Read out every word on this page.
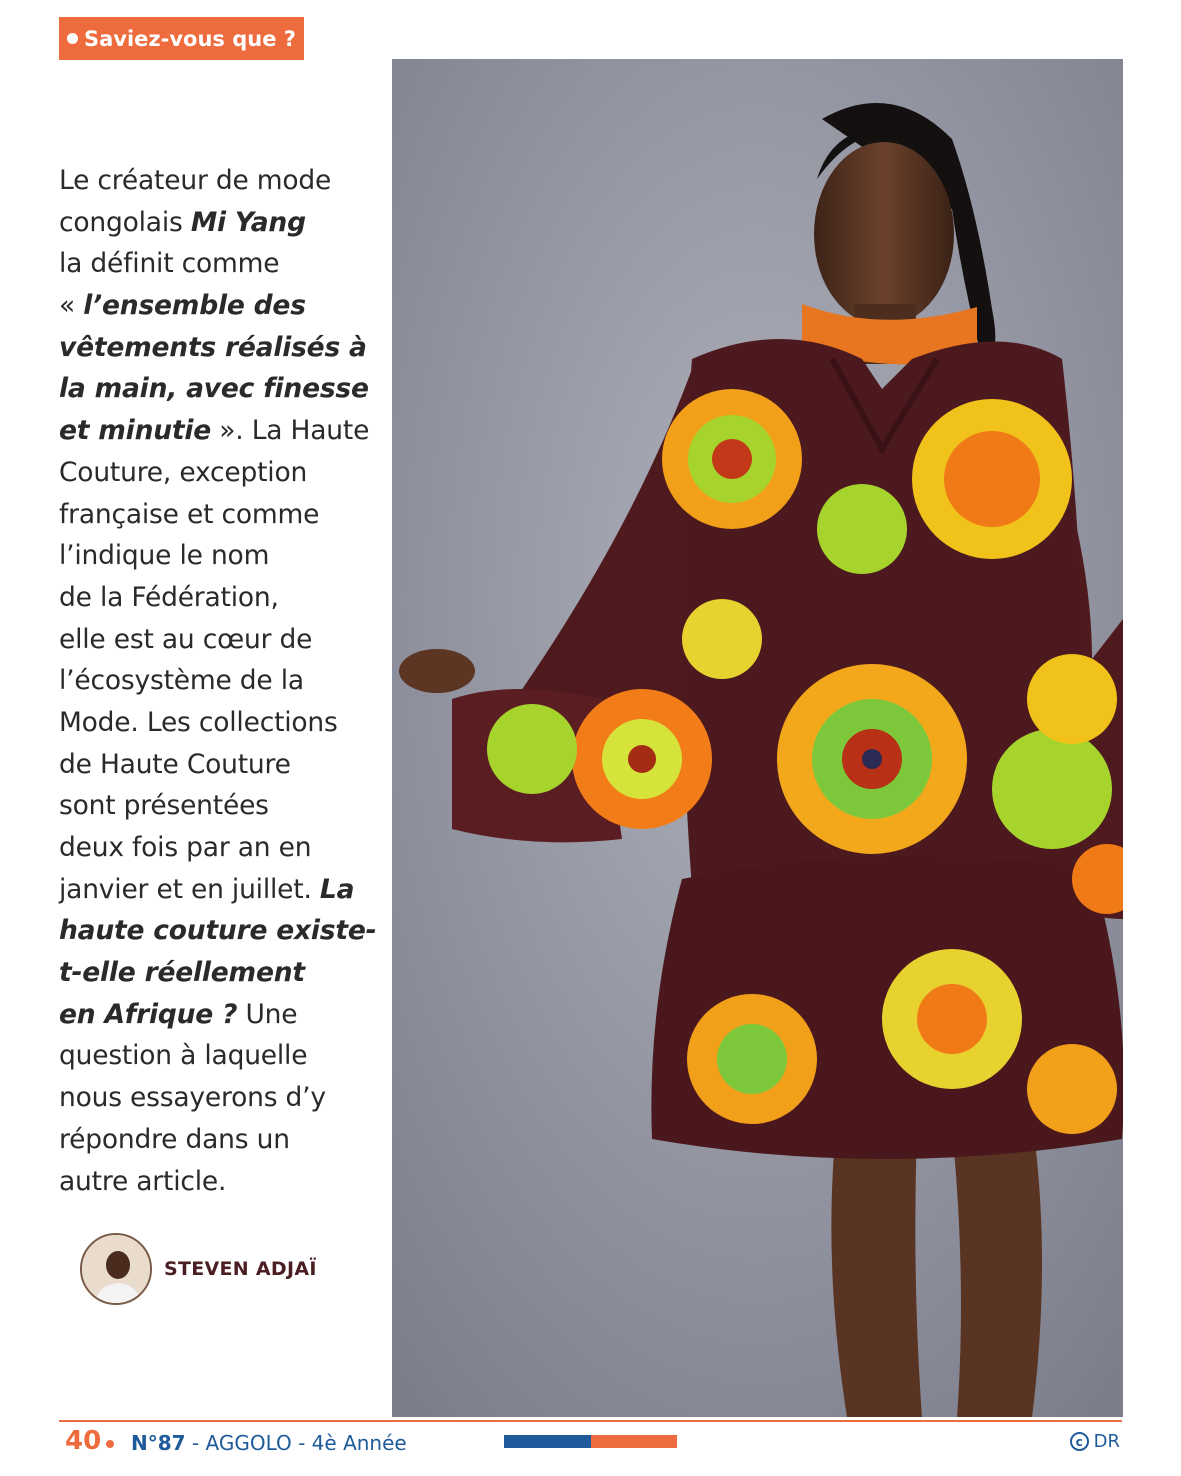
Saviez-vous que ?
Le créateur de mode
congolais Mi Yang
la définit comme
« l’ensemble des
vêtements réalisés à
la main, avec finesse
et minutie ». La Haute
Couture, exception
française et comme
l’indique le nom
de la Fédération,
elle est au cœur de
l’écosystème de la
Mode. Les collections
de Haute Couture
sont présentées
deux fois par an en
janvier et en juillet. La
haute couture existe-
t-elle réellement
en Afrique ? Une
question à laquelle
nous essayerons d’y
répondre dans un
autre article.
STEVEN ADJAÏ
40 N°87 - AGGOLO - 4è Année	c DR
